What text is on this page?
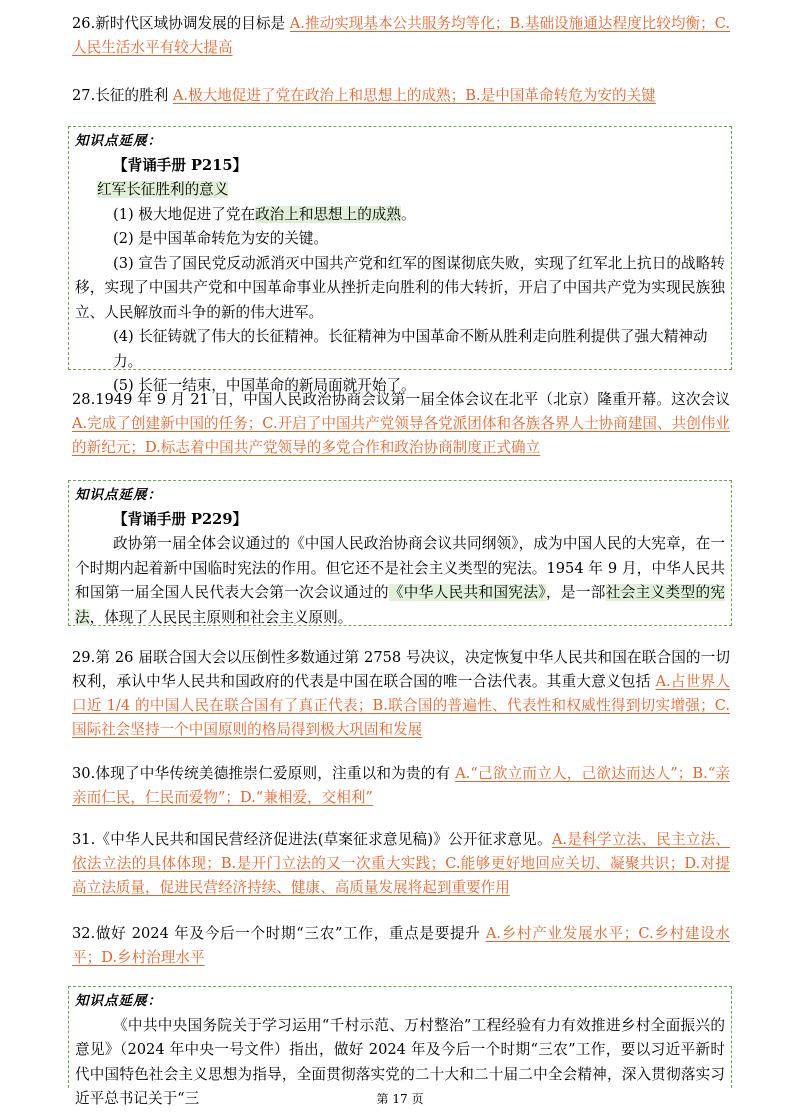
26.新时代区域协调发展的目标是 A.推动实现基本公共服务均等化；B.基础设施通达程度比较均衡；C.人民生活水平有较大提高
27.长征的胜利 A.极大地促进了党在政治上和思想上的成熟；B.是中国革命转危为安的关键
知识点延展：
【背诵手册 P215】
红军长征胜利的意义
(1) 极大地促进了党在政治上和思想上的成熟。
(2) 是中国革命转危为安的关键。
(3) 宣告了国民党反动派消灭中国共产党和红军的图谋彻底失败，实现了红军北上抗日的战略转移，实现了中国共产党和中国革命事业从挫折走向胜利的伟大转折，开启了中国共产党为实现民族独立、人民解放而斗争的新的伟大进军。
(4) 长征铸就了伟大的长征精神。长征精神为中国革命不断从胜利走向胜利提供了强大精神动力。
(5) 长征一结束，中国革命的新局面就开始了。
28.1949 年 9 月 21 日，中国人民政治协商会议第一届全体会议在北平（北京）隆重开幕。这次会议 A.完成了创建新中国的任务；C.开启了中国共产党领导各党派团体和各族各界人士协商建国、共创伟业的新纪元；D.标志着中国共产党领导的多党合作和政治协商制度正式确立
知识点延展：
【背诵手册 P229】
政协第一届全体会议通过的《中国人民政治协商会议共同纲领》，成为中国人民的大宪章，在一个时期内起着新中国临时宪法的作用。但它还不是社会主义类型的宪法。1954 年 9 月，中华人民共和国第一届全国人民代表大会第一次会议通过的《中华人民共和国宪法》，是一部社会主义类型的宪法，体现了人民民主原则和社会主义原则。
29.第 26 届联合国大会以压倒性多数通过第 2758 号决议，决定恢复中华人民共和国在联合国的一切权利，承认中华人民共和国政府的代表是中国在联合国的唯一合法代表。其重大意义包括 A.占世界人口近 1/4 的中国人民在联合国有了真正代表；B.联合国的普遍性、代表性和权威性得到切实增强；C.国际社会坚持一个中国原则的格局得到极大巩固和发展
30.体现了中华传统美德推崇仁爱原则，注重以和为贵的有 A.“己欲立而立人，己欲达而达人”；B.“亲亲而仁民，仁民而爱物”；D.“兼相爱，交相利”
31.《中华人民共和国民营经济促进法(草案征求意见稿)》公开征求意见。A.是科学立法、民主立法、依法立法的具体体现；B.是开门立法的又一次重大实践；C.能够更好地回应关切、凝聚共识；D.对提高立法质量，促进民营经济持续、健康、高质量发展将起到重要作用
32.做好 2024 年及今后一个时期“三农”工作，重点是要提升 A.乡村产业发展水平；C.乡村建设水平；D.乡村治理水平
知识点延展：
《中共中央国务院关于学习运用“千村示范、万村整治”工程经验有力有效推进乡村全面振兴的意见》（2024 年中央一号文件）指出，做好 2024 年及今后一个时期“三农”工作，要以习近平新时代中国特色社会主义思想为指导，全面贯彻落实党的二十大和二十届二中全会精神，深入贯彻落实习近平总书记关于“三	第 17 页
